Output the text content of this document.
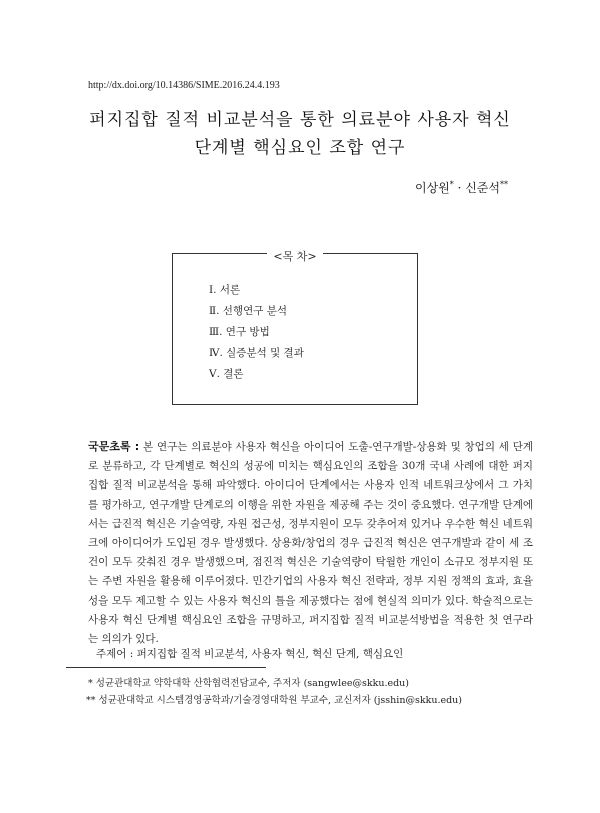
http://dx.doi.org/10.14386/SIME.2016.24.4.193
퍼지집합 질적 비교분석을 통한 의료분야 사용자 혁신
단계별 핵심요인 조합 연구
이상원* · 신준석**
<목 차>
Ⅰ. 서론
Ⅱ. 선행연구 분석
Ⅲ. 연구 방법
Ⅳ. 실증분석 및 결과
Ⅴ. 결론
국문초록 : 본 연구는 의료분야 사용자 혁신을 아이디어 도출-연구개발-상용화 및 창업의 세 단계로 분류하고, 각 단계별로 혁신의 성공에 미치는 핵심요인의 조합을 30개 국내 사례에 대한 퍼지집합 질적 비교분석을 통해 파악했다. 아이디어 단계에서는 사용자 인적 네트워크상에서 그 가치를 평가하고, 연구개발 단계로의 이행을 위한 자원을 제공해 주는 것이 중요했다. 연구개발 단계에서는 급진적 혁신은 기술역량, 자원 접근성, 정부지원이 모두 갖추어져 있거나 우수한 혁신 네트워크에 아이디어가 도입된 경우 발생했다. 상용화/창업의 경우 급진적 혁신은 연구개발과 같이 세 조건이 모두 갖춰진 경우 발생했으며, 점진적 혁신은 기술역량이 탁월한 개인이 소규모 정부지원 또는 주변 자원을 활용해 이루어졌다. 민간기업의 사용자 혁신 전략과, 정부 지원 정책의 효과, 효율성을 모두 제고할 수 있는 사용자 혁신의 틀을 제공했다는 점에 현실적 의미가 있다. 학술적으로는 사용자 혁신 단계별 핵심요인 조합을 규명하고, 퍼지집합 질적 비교분석방법을 적용한 첫 연구라는 의의가 있다.
주제어 : 퍼지집합 질적 비교분석, 사용자 혁신, 혁신 단계, 핵심요인
* 성균관대학교 약학대학 산학협력전담교수, 주저자 (sangwlee@skku.edu)
** 성균관대학교 시스템경영공학과/기술경영대학원 부교수, 교신저자 (jsshin@skku.edu)
